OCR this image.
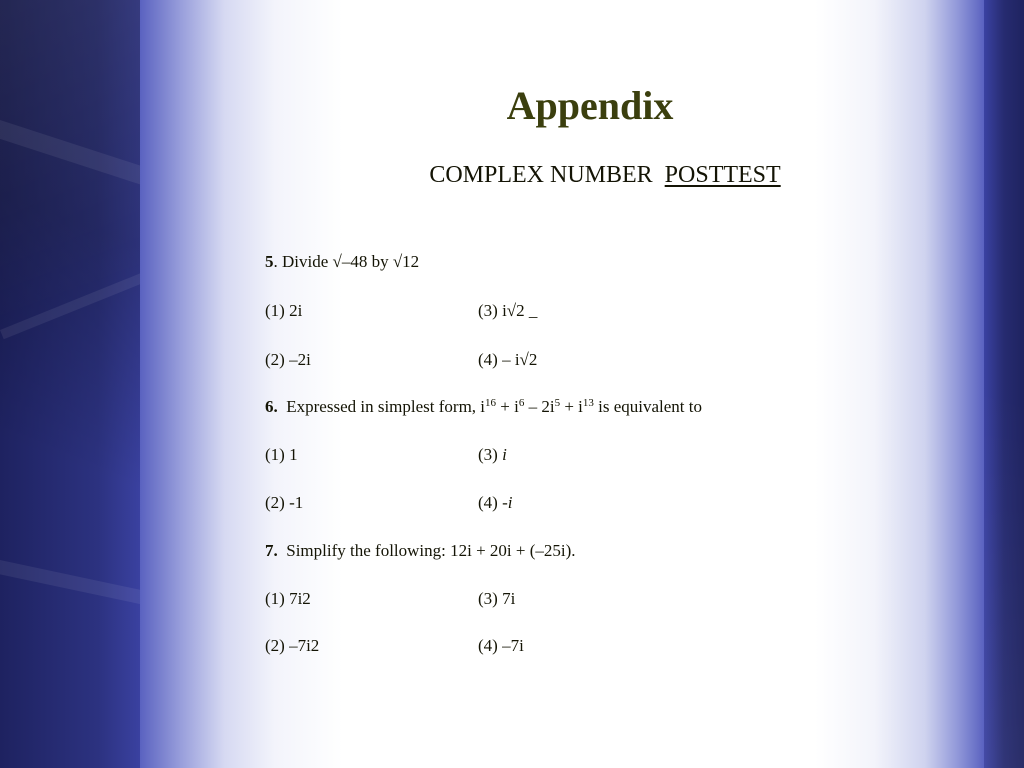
Appendix
COMPLEX NUMBER POSTTEST
5. Divide √–48 by √12
(1) 2i	(3) i√2 _
(2) –2i	(4) – i√2
6. Expressed in simplest form, $i^{16} + i^6 - 2i^5 + i^{13}$ is equivalent to
(1) 1	(3) i
(2) -1	(4) -i
7. Simplify the following: 12i + 20i + (–25i).
(1) 7i2	(3) 7i
(2) –7i2	(4) –7i
